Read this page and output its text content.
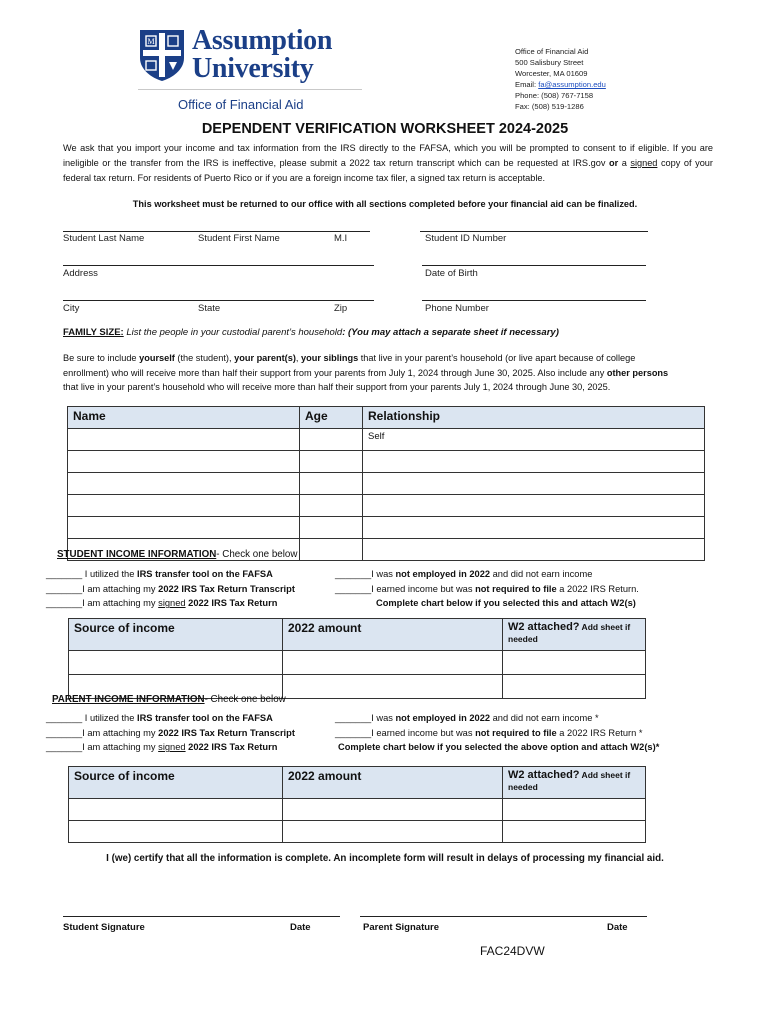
M Assumption
University
Office of Financial Aid
Office of Financial Aid
500 Salisbury Street
Worcester, MA 01609
Email: fa@assumption.edu
Phone: (508) 767-7158
Fax: (508) 519-1286
DEPENDENT VERIFICATION WORKSHEET 2024-2025
We ask that you import your income and tax information from the IRS directly to the FAFSA, which you will be prompted to consent to if eligible. If you are ineligible or the transfer from the IRS is ineffective, please submit a 2022 tax return transcript which can be requested at IRS.gov or a signed copy of your federal tax return. For residents of Puerto Rico or if you are a foreign income tax filer, a signed tax return is acceptable.
This worksheet must be returned to our office with all sections completed before your financial aid can be finalized.
Student Last Name	Student First Name	M.I	Student ID Number
Address	Date of Birth
City	State	Zip	Phone Number
FAMILY SIZE: List the people in your custodial parent’s household: (You may attach a separate sheet if necessary)
Be sure to include yourself (the student), your parent(s), your siblings that live in your parent’s household (or live apart because of college enrollment) who will receive more than half their support from your parents from July 1, 2024 through June 30, 2025. Also include any other persons that live in your parent’s household who will receive more than half their support from your parents July 1, 2024 through June 30, 2025.
Name	Age	Relationship
		Self

STUDENT INCOME INFORMATION- Check one below
_______ I utilized the IRS transfer tool on the FAFSA
_______I am attaching my 2022 IRS Tax Return Transcript
_______I am attaching my signed 2022 IRS Tax Return
_______I was not employed in 2022 and did not earn income
_______I earned income but was not required to file a 2022 IRS Return.
Complete chart below if you selected this and attach W2(s)
Source of income	2022 amount	W2 attached? Add sheet if needed

PARENT INCOME INFORMATION- Check one below
_______ I utilized the IRS transfer tool on the FAFSA
_______I am attaching my 2022 IRS Tax Return Transcript
_______I am attaching my signed 2022 IRS Tax Return
_______I was not employed in 2022 and did not earn income *
_______I earned income but was not required to file a 2022 IRS Return *
Complete chart below if you selected the above option and attach W2(s)*
Source of income	2022 amount	W2 attached? Add sheet if needed

I (we) certify that all the information is complete. An incomplete form will result in delays of processing my financial aid.
Student Signature	Date	Parent Signature	Date
FAC24DVW
